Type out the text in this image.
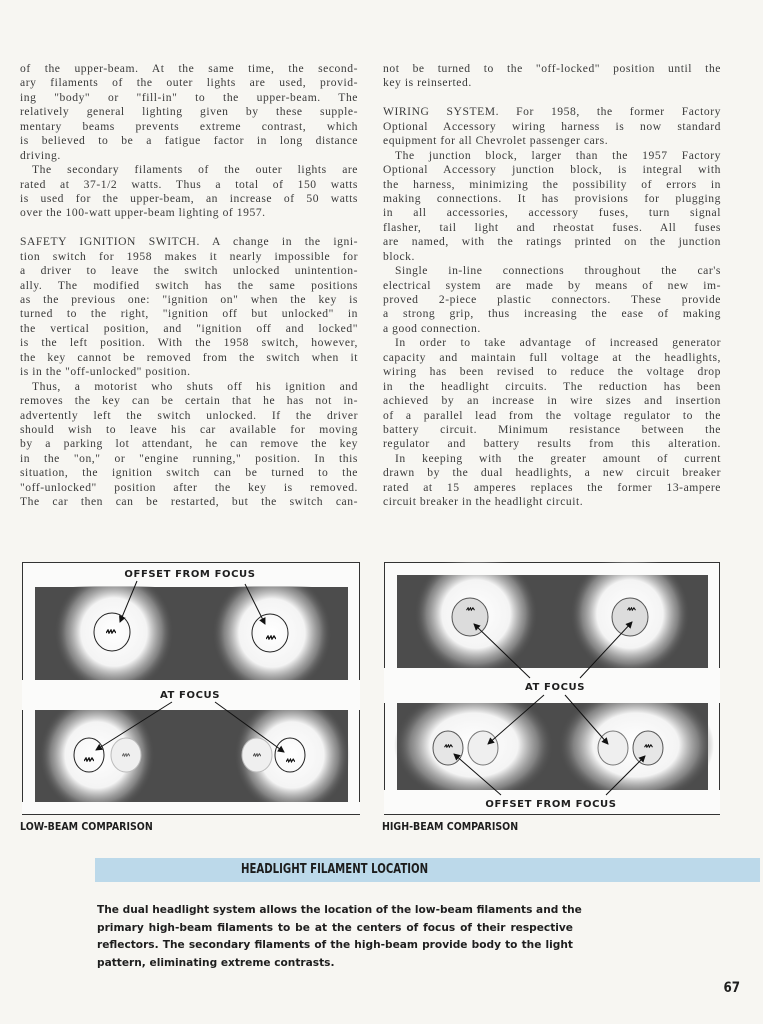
of the upper-beam. At the same time, the second-
ary filaments of the outer lights are used, provid-
ing "body" or "fill-in" to the upper-beam. The
relatively general lighting given by these supple-
mentary beams prevents extreme contrast, which
is believed to be a fatigue factor in long distance
driving.
The secondary filaments of the outer lights are
rated at 37-1/2 watts. Thus a total of 150 watts
is used for the upper-beam, an increase of 50 watts
over the 100-watt upper-beam lighting of 1957.
SAFETY IGNITION SWITCH. A change in the igni-
tion switch for 1958 makes it nearly impossible for
a driver to leave the switch unlocked unintention-
ally. The modified switch has the same positions
as the previous one: "ignition on" when the key is
turned to the right, "ignition off but unlocked" in
the vertical position, and "ignition off and locked"
is the left position. With the 1958 switch, however,
the key cannot be removed from the switch when it
is in the "off-unlocked" position.
Thus, a motorist who shuts off his ignition and
removes the key can be certain that he has not in-
advertently left the switch unlocked. If the driver
should wish to leave his car available for moving
by a parking lot attendant, he can remove the key
in the "on," or "engine running," position. In this
situation, the ignition switch can be turned to the
"off-unlocked" position after the key is removed.
The car then can be restarted, but the switch can-
not be turned to the "off-locked" position until the
key is reinserted.
WIRING SYSTEM. For 1958, the former Factory
Optional Accessory wiring harness is now standard
equipment for all Chevrolet passenger cars.
The junction block, larger than the 1957 Factory
Optional Accessory junction block, is integral with
the harness, minimizing the possibility of errors in
making connections. It has provisions for plugging
in all accessories, accessory fuses, turn signal
flasher, tail light and rheostat fuses. All fuses
are named, with the ratings printed on the junction
block.
Single in-line connections throughout the car's
electrical system are made by means of new im-
proved 2-piece plastic connectors. These provide
a strong grip, thus increasing the ease of making
a good connection.
In order to take advantage of increased generator
capacity and maintain full voltage at the headlights,
wiring has been revised to reduce the voltage drop
in the headlight circuits. The reduction has been
achieved by an increase in wire sizes and insertion
of a parallel lead from the voltage regulator to the
battery circuit. Minimum resistance between the
regulator and battery results from this alteration.
In keeping with the greater amount of current
drawn by the dual headlights, a new circuit breaker
rated at 15 amperes replaces the former 13-ampere
circuit breaker in the headlight circuit.
OFFSET FROM FOCUS
AT FOCUS
AT FOCUS
OFFSET FROM FOCUS
LOW-BEAM COMPARISON	HIGH-BEAM COMPARISON
HEADLIGHT FILAMENT LOCATION
The dual headlight system allows the location of the low-beam filaments and the
primary high-beam filaments to be at the centers of focus of their respective
reflectors. The secondary filaments of the high-beam provide body to the light
pattern, eliminating extreme contrasts.
67
